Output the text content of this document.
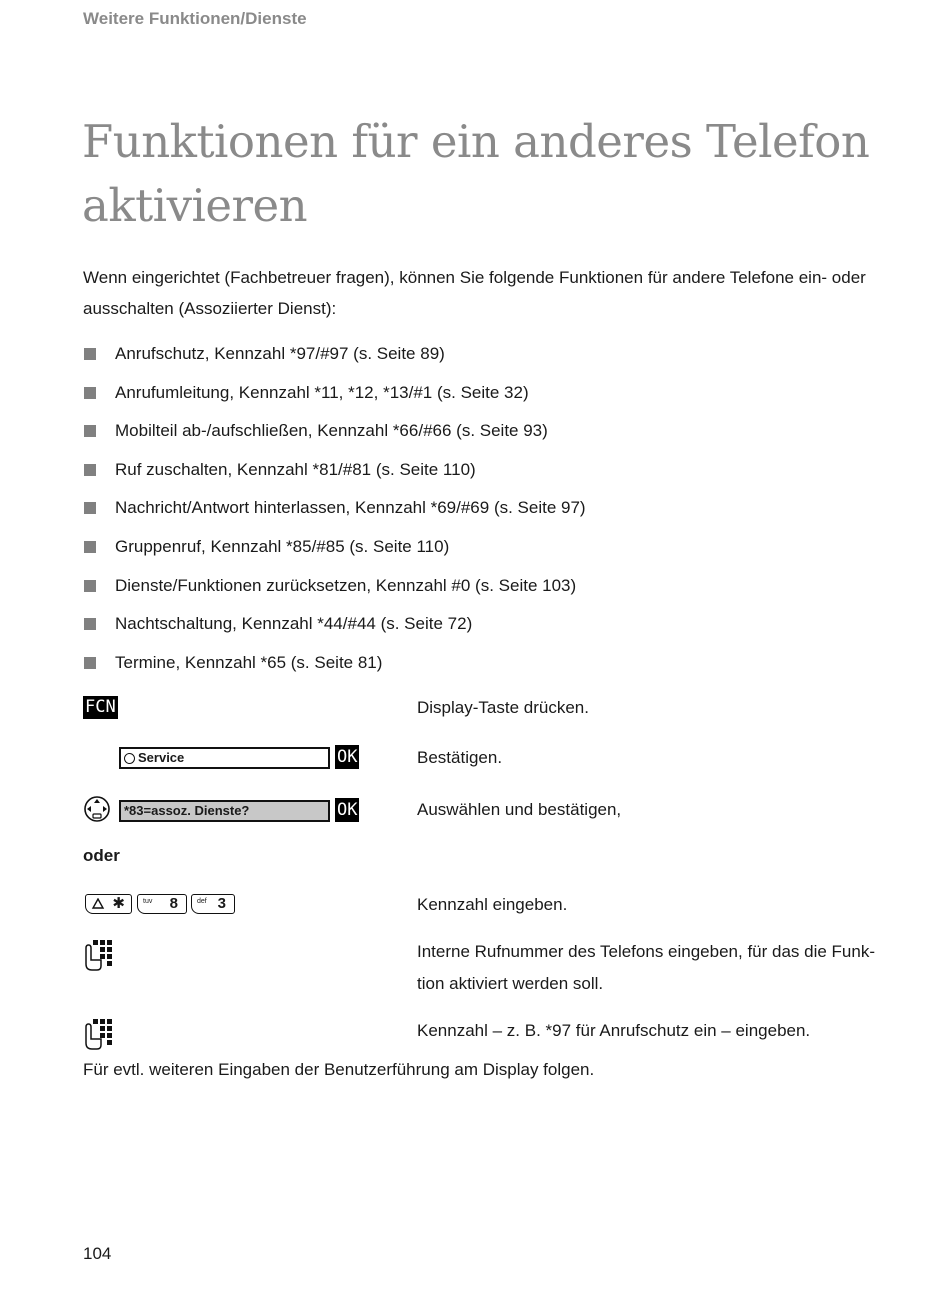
Weitere Funktionen/Dienste
Funktionen für ein anderes Telefon aktivieren

Wenn eingerichtet (Fachbetreuer fragen), können Sie folgende Funktionen für andere Telefone ein- oder ausschalten (Assoziierter Dienst):

Anrufschutz, Kennzahl *97/#97 (s. Seite 89)
Anrufumleitung, Kennzahl *11, *12, *13/#1 (s. Seite 32)
Mobilteil ab-/aufschließen, Kennzahl *66/#66 (s. Seite 93)
Ruf zuschalten, Kennzahl *81/#81 (s. Seite 110)
Nachricht/Antwort hinterlassen, Kennzahl *69/#69 (s. Seite 97)
Gruppenruf, Kennzahl *85/#85 (s. Seite 110)
Dienste/Funktionen zurücksetzen, Kennzahl #0 (s. Seite 103)
Nachtschaltung, Kennzahl *44/#44 (s. Seite 72)
Termine, Kennzahl *65 (s. Seite 81)
FCN	Display-Taste drücken.
Service	OK	Bestätigen.
*83=assoz. Dienste?	OK	Auswählen und bestätigen,
oder
✱	tuv 8	def 3	Kennzahl eingeben.
Interne Rufnummer des Telefons eingeben, für das die Funktion aktiviert werden soll.
Kennzahl – z. B. *97 für Anrufschutz ein – eingeben.
Für evtl. weiteren Eingaben der Benutzerführung am Display folgen.
104
